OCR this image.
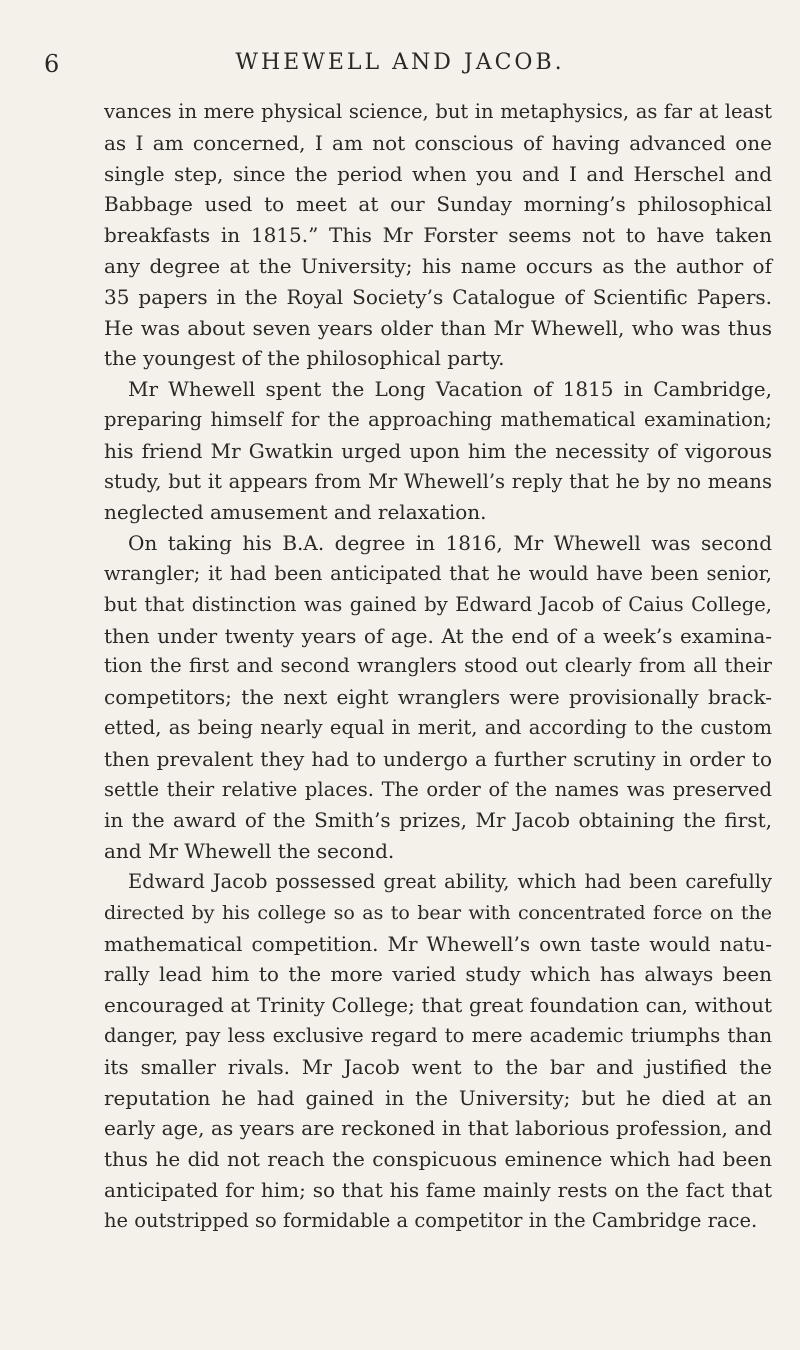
6	WHEWELL AND JACOB.
vances in mere physical science, but in metaphysics, as far at least
as I am concerned, I am not conscious of having advanced one
single step, since the period when you and I and Herschel and
Babbage used to meet at our Sunday morning’s philosophical
breakfasts in 1815.” This Mr Forster seems not to have taken
any degree at the University; his name occurs as the author of
35 papers in the Royal Society’s Catalogue of Scientific Papers.
He was about seven years older than Mr Whewell, who was thus
the youngest of the philosophical party.
Mr Whewell spent the Long Vacation of 1815 in Cambridge,
preparing himself for the approaching mathematical examination;
his friend Mr Gwatkin urged upon him the necessity of vigorous
study, but it appears from Mr Whewell’s reply that he by no means
neglected amusement and relaxation.
On taking his B.A. degree in 1816, Mr Whewell was second
wrangler; it had been anticipated that he would have been senior,
but that distinction was gained by Edward Jacob of Caius College,
then under twenty years of age. At the end of a week’s examina-
tion the first and second wranglers stood out clearly from all their
competitors; the next eight wranglers were provisionally brack-
etted, as being nearly equal in merit, and according to the custom
then prevalent they had to undergo a further scrutiny in order to
settle their relative places. The order of the names was preserved
in the award of the Smith’s prizes, Mr Jacob obtaining the first,
and Mr Whewell the second.
Edward Jacob possessed great ability, which had been carefully
directed by his college so as to bear with concentrated force on the
mathematical competition. Mr Whewell’s own taste would natu-
rally lead him to the more varied study which has always been
encouraged at Trinity College; that great foundation can, without
danger, pay less exclusive regard to mere academic triumphs than
its smaller rivals. Mr Jacob went to the bar and justified the
reputation he had gained in the University; but he died at an
early age, as years are reckoned in that laborious profession, and
thus he did not reach the conspicuous eminence which had been
anticipated for him; so that his fame mainly rests on the fact that
he outstripped so formidable a competitor in the Cambridge race.
